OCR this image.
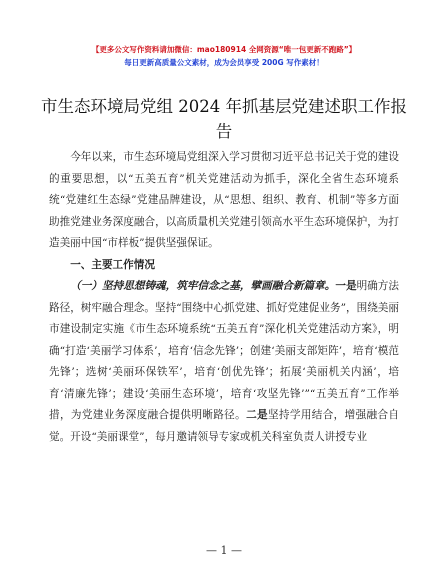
【更多公文写作资料请加微信：mao180914 全网资源“唯一包更新不跑路”】
每日更新高质量公文素材，成为会员享受 200G 写作素材！
市生态环境局党组 2024 年抓基层党建述职工作报告

今年以来，市生态环境局党组深入学习贯彻习近平总书记关于党的建设的重要思想，以“五美五育”机关党建活动为抓手，深化全省生态环境系统“党建红生态绿”党建品牌建设，从“思想、组织、教育、机制”等多方面助推党建业务深度融合，以高质量机关党建引领高水平生态环境保护，为打造美丽中国“市样板”提供坚强保证。

一、主要工作情况

（一）坚持思想铸魂，筑牢信念之基，擘画融合新篇章。一是明确方法路径，树牢融合理念。坚持“围绕中心抓党建、抓好党建促业务”，围绕美丽市建设制定实施《市生态环境系统“五美五育”深化机关党建活动方案》，明确“打造‘美丽学习体系’，培育‘信念先锋’；创建‘美丽支部矩阵’，培育‘模范先锋’；选树‘美丽环保铁军’，培育‘创优先锋’；拓展‘美丽机关内涵’，培育‘清廉先锋’；建设‘美丽生态环境’，培育‘攻坚先锋’”“五美五育”工作举措，为党建业务深度融合提供明晰路径。二是坚持学用结合，增强融合自觉。开设“美丽课堂”，每月邀请领导专家或机关科室负责人讲授专业

— 1 —
